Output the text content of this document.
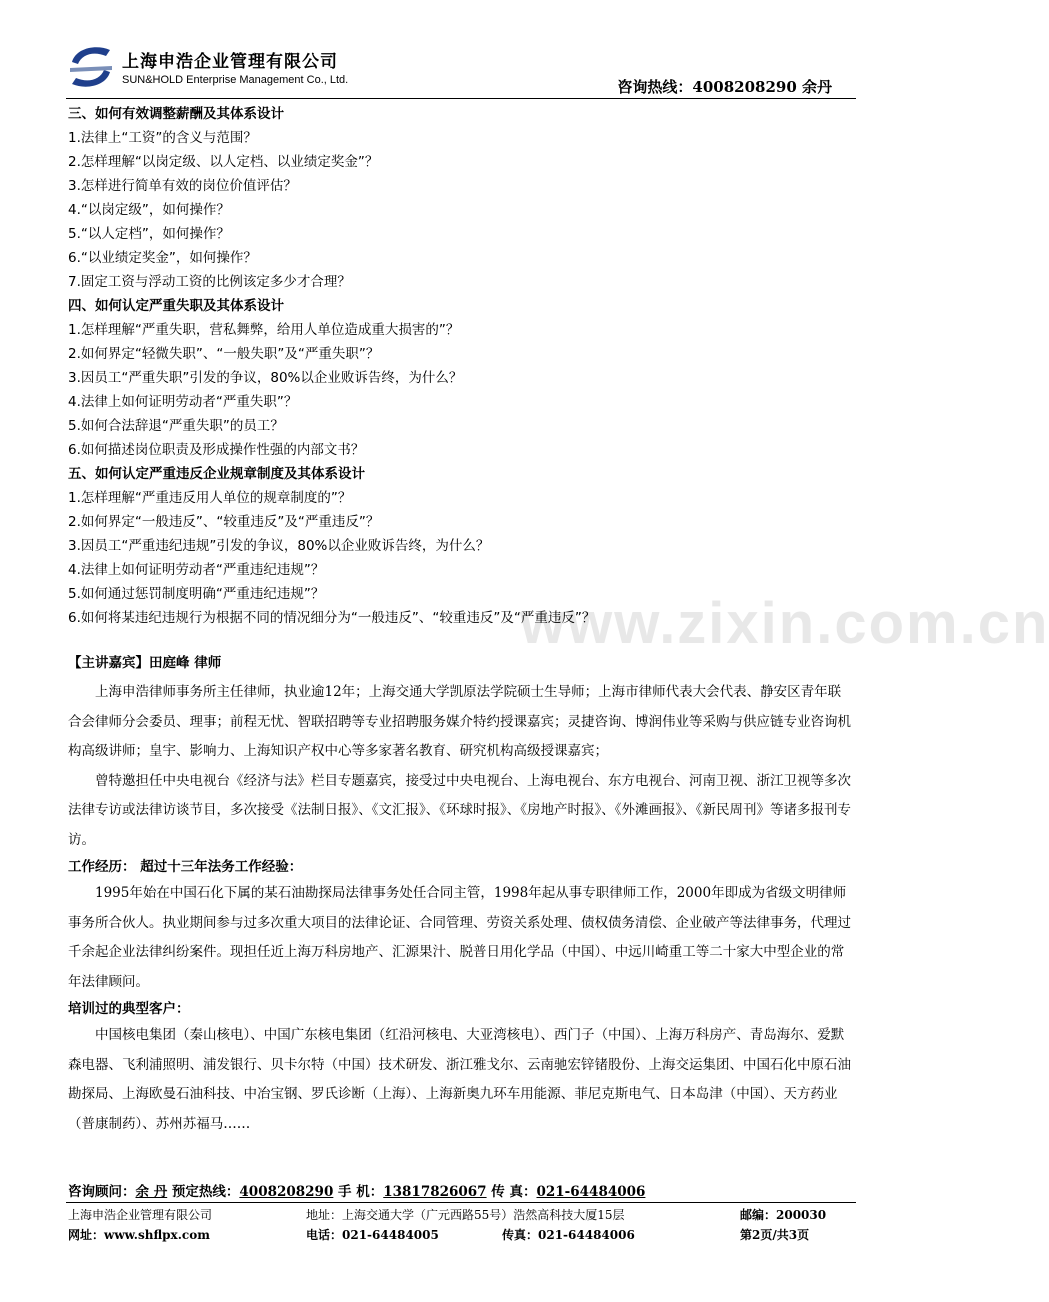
上海申浩企业管理有限公司
SUN&HOLD Enterprise Management Co., Ltd.	咨询热线：4008208290 余丹
www.zixin.com.cn
三、如何有效调整薪酬及其体系设计
1.法律上“工资”的含义与范围？
2.怎样理解“以岗定级、以人定档、以业绩定奖金”？
3.怎样进行简单有效的岗位价值评估？
4.“以岗定级”，如何操作？
5.“以人定档”，如何操作？
6.“以业绩定奖金”，如何操作？
7.固定工资与浮动工资的比例该定多少才合理？
四、如何认定严重失职及其体系设计
1.怎样理解“严重失职，营私舞弊，给用人单位造成重大损害的”？
2.如何界定“轻微失职”、“一般失职”及“严重失职”？
3.因员工“严重失职”引发的争议，80%以企业败诉告终，为什么？
4.法律上如何证明劳动者“严重失职”？
5.如何合法辞退“严重失职”的员工？
6.如何描述岗位职责及形成操作性强的内部文书？
五、如何认定严重违反企业规章制度及其体系设计
1.怎样理解“严重违反用人单位的规章制度的”？
2.如何界定“一般违反”、“较重违反”及“严重违反”？
3.因员工“严重违纪违规”引发的争议，80%以企业败诉告终，为什么？
4.法律上如何证明劳动者“严重违纪违规”？
5.如何通过惩罚制度明确“严重违纪违规”？
6.如何将某违纪违规行为根据不同的情况细分为“一般违反”、“较重违反”及“严重违反”？
【主讲嘉宾】田庭峰 律师

上海申浩律师事务所主任律师，执业逾12年；上海交通大学凯原法学院硕士生导师；上海市律师代表大会代表、静安区青年联合会律师分会委员、理事；前程无忧、智联招聘等专业招聘服务媒介特约授课嘉宾；灵捷咨询、博润伟业等采购与供应链专业咨询机构高级讲师；皇宇、影响力、上海知识产权中心等多家著名教育、研究机构高级授课嘉宾；

曾特邀担任中央电视台《经济与法》栏目专题嘉宾，接受过中央电视台、上海电视台、东方电视台、河南卫视、浙江卫视等多次法律专访或法律访谈节目，多次接受《法制日报》、《文汇报》、《环球时报》、《房地产时报》、《外滩画报》、《新民周刊》等诸多报刊专访。

工作经历： 超过十三年法务工作经验：

1995年始在中国石化下属的某石油勘探局法律事务处任合同主管，1998年起从事专职律师工作，2000年即成为省级文明律师事务所合伙人。执业期间参与过多次重大项目的法律论证、合同管理、劳资关系处理、债权债务清偿、企业破产等法律事务，代理过千余起企业法律纠纷案件。现担任近上海万科房地产、汇源果汁、脱普日用化学品（中国）、中远川崎重工等二十家大中型企业的常年法律顾问。

培训过的典型客户：

中国核电集团（秦山核电）、中国广东核电集团（红沿河核电、大亚湾核电）、西门子（中国）、上海万科房产、青岛海尔、爱默森电器、飞利浦照明、浦发银行、贝卡尔特（中国）技术研发、浙江雅戈尔、云南驰宏锌锗股份、上海交运集团、中国石化中原石油勘探局、上海欧曼石油科技、中冶宝钢、罗氏诊断（上海）、上海新奥九环车用能源、菲尼克斯电气、日本岛津（中国）、天方药业（普康制药）、苏州苏福马……

咨询顾问：余 丹 预定热线：4008208290 手 机：13817826067 传 真：021-64484006
上海申浩企业管理有限公司	地址：上海交通大学（广元西路55号）浩然高科技大厦15层	邮编：200030
网址：www.shflpx.com	电话：021-64484005	传真：021-64484006	第2页/共3页
